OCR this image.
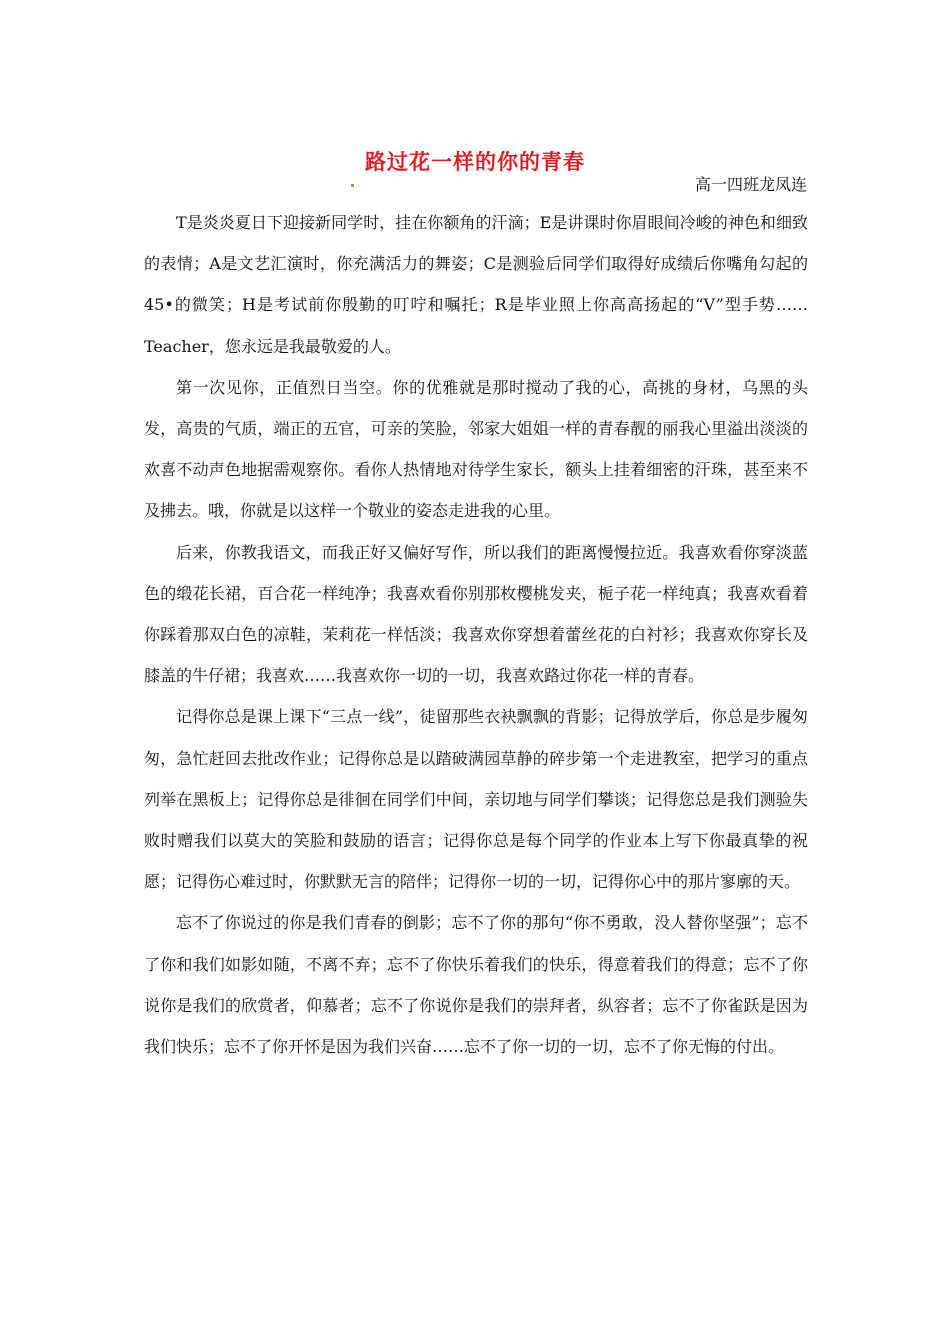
路过花一样的你的青春
高一四班龙凤连

T是炎炎夏日下迎接新同学时，挂在你额角的汗滴；E是讲课时你眉眼间冷峻的神色和细致的表情；A是文艺汇演时，你充满活力的舞姿；C是测验后同学们取得好成绩后你嘴角勾起的45•的微笑；H是考试前你殷勤的叮咛和嘱托；R是毕业照上你高高扬起的“V”型手势……Teacher，您永远是我最敬爱的人。

第一次见你，正值烈日当空。你的优雅就是那时搅动了我的心，高挑的身材，乌黑的头发，高贵的气质，端正的五官，可亲的笑脸，邻家大姐姐一样的青春靓的丽我心里溢出淡淡的欢喜不动声色地据需观察你。看你人热情地对待学生家长，额头上挂着细密的汗珠，甚至来不及拂去。哦，你就是以这样一个敬业的姿态走进我的心里。

后来，你教我语文，而我正好又偏好写作，所以我们的距离慢慢拉近。我喜欢看你穿淡蓝色的缎花长裙，百合花一样纯净；我喜欢看你别那枚樱桃发夹，栀子花一样纯真；我喜欢看着你踩着那双白色的凉鞋，茉莉花一样恬淡；我喜欢你穿想着蕾丝花的白衬衫；我喜欢你穿长及膝盖的牛仔裙；我喜欢……我喜欢你一切的一切，我喜欢路过你花一样的青春。

记得你总是课上课下“三点一线”，徒留那些衣袂飘飘的背影；记得放学后，你总是步履匆匆，急忙赶回去批改作业；记得你总是以踏破满园草静的碎步第一个走进教室，把学习的重点列举在黑板上；记得你总是徘徊在同学们中间，亲切地与同学们攀谈；记得您总是我们测验失败时赠我们以莫大的笑脸和鼓励的语言；记得你总是每个同学的作业本上写下你最真挚的祝愿；记得伤心难过时，你默默无言的陪伴；记得你一切的一切，记得你心中的那片寥廓的天。

忘不了你说过的你是我们青春的倒影；忘不了你的那句“你不勇敢，没人替你坚强”；忘不了你和我们如影如随，不离不弃；忘不了你快乐着我们的快乐，得意着我们的得意；忘不了你说你是我们的欣赏者，仰慕者；忘不了你说你是我们的崇拜者，纵容者；忘不了你雀跃是因为我们快乐；忘不了你开怀是因为我们兴奋……忘不了你一切的一切，忘不了你无悔的付出。
